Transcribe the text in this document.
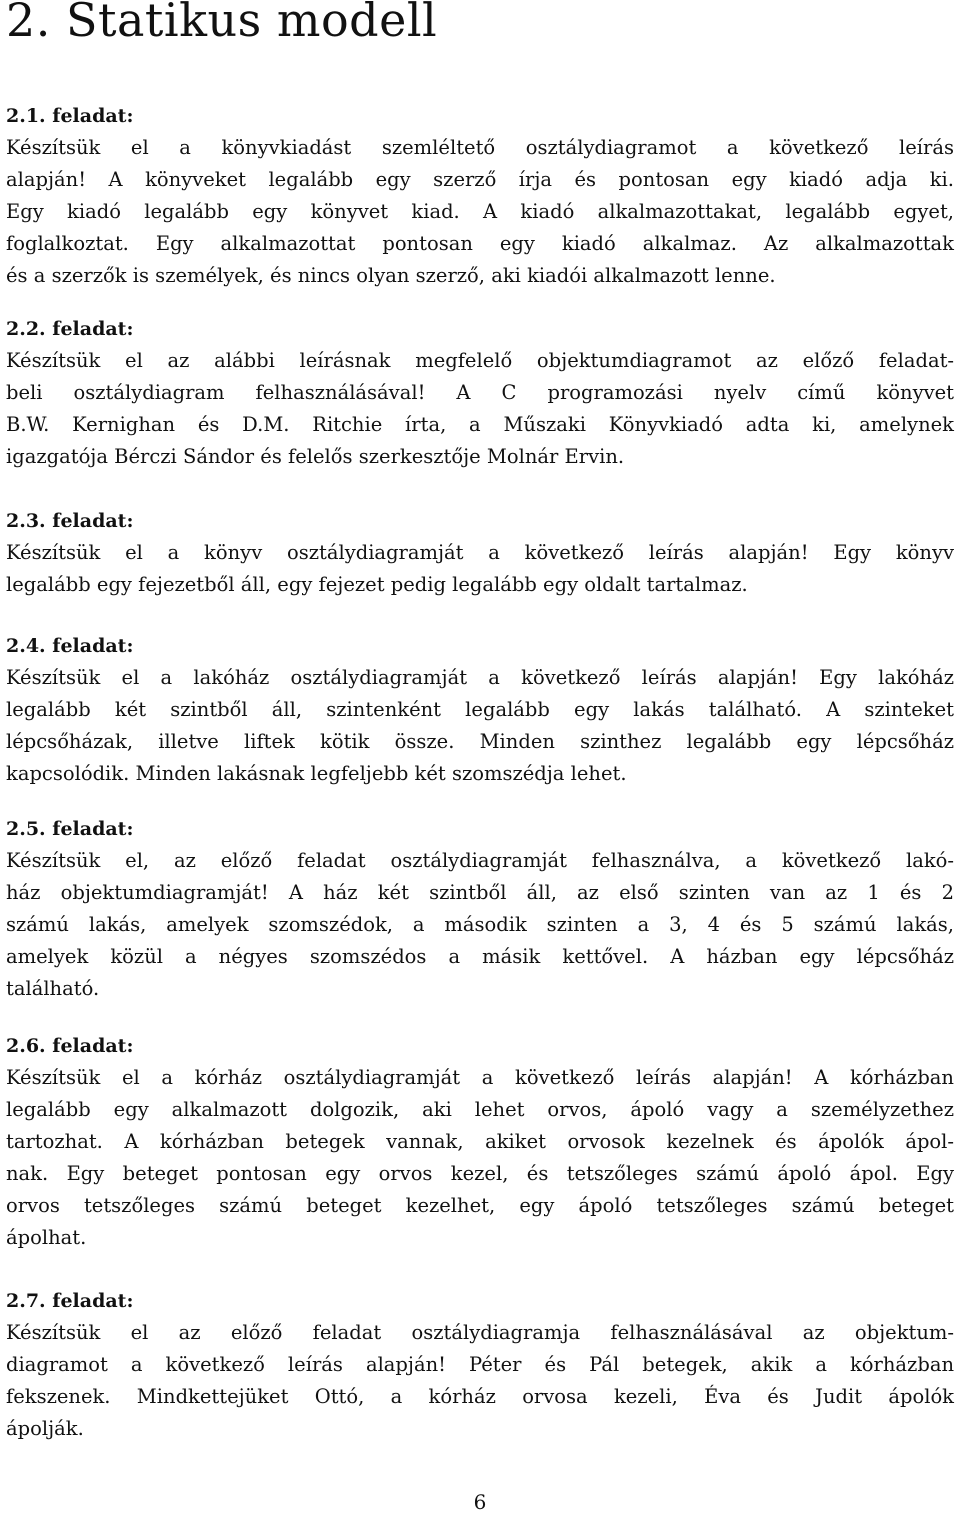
2. Statikus modell

2.1. feladat:

Készítsük el a könyvkiadást szemléltető osztálydiagramot a következő leírás

alapján! A könyveket legalább egy szerző írja és pontosan egy kiadó adja ki.

Egy kiadó legalább egy könyvet kiad. A kiadó alkalmazottakat, legalább egyet,

foglalkoztat. Egy alkalmazottat pontosan egy kiadó alkalmaz. Az alkalmazottak

és a szerzők is személyek, és nincs olyan szerző, aki kiadói alkalmazott lenne.

2.2. feladat:

Készítsük el az alábbi leírásnak megfelelő objektumdiagramot az előző feladat-

beli osztálydiagram felhasználásával! A C programozási nyelv című könyvet

B.W. Kernighan és D.M. Ritchie írta, a Műszaki Könyvkiadó adta ki, amelynek

igazgatója Bérczi Sándor és felelős szerkesztője Molnár Ervin.

2.3. feladat:

Készítsük el a könyv osztálydiagramját a következő leírás alapján! Egy könyv

legalább egy fejezetből áll, egy fejezet pedig legalább egy oldalt tartalmaz.

2.4. feladat:

Készítsük el a lakóház osztálydiagramját a következő leírás alapján! Egy lakóház

legalább két szintből áll, szintenként legalább egy lakás található. A szinteket

lépcsőházak, illetve liftek kötik össze. Minden szinthez legalább egy lépcsőház

kapcsolódik. Minden lakásnak legfeljebb két szomszédja lehet.

2.5. feladat:

Készítsük el, az előző feladat osztálydiagramját felhasználva, a következő lakó-

ház objektumdiagramját! A ház két szintből áll, az első szinten van az 1 és 2

számú lakás, amelyek szomszédok, a második szinten a 3, 4 és 5 számú lakás,

amelyek közül a négyes szomszédos a másik kettővel. A házban egy lépcsőház

található.

2.6. feladat:

Készítsük el a kórház osztálydiagramját a következő leírás alapján! A kórházban

legalább egy alkalmazott dolgozik, aki lehet orvos, ápoló vagy a személyzethez

tartozhat. A kórházban betegek vannak, akiket orvosok kezelnek és ápolók ápol-

nak. Egy beteget pontosan egy orvos kezel, és tetszőleges számú ápoló ápol. Egy

orvos tetszőleges számú beteget kezelhet, egy ápoló tetszőleges számú beteget

ápolhat.

2.7. feladat:

Készítsük el az előző feladat osztálydiagramja felhasználásával az objektum-

diagramot a következő leírás alapján! Péter és Pál betegek, akik a kórházban

fekszenek. Mindkettejüket Ottó, a kórház orvosa kezeli, Éva és Judit ápolók

ápolják.

6
